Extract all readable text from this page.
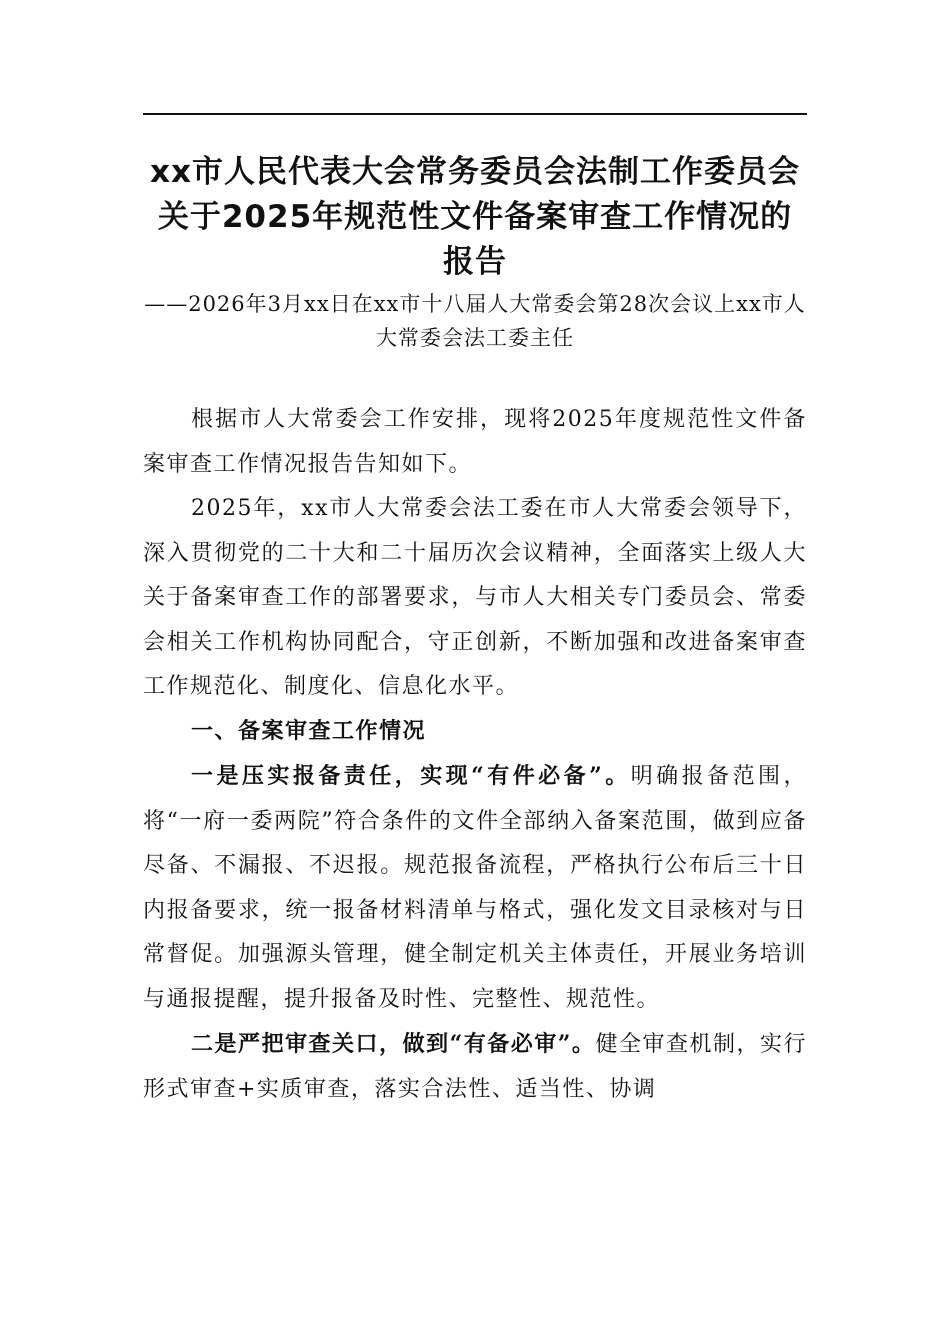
xx市人民代表大会常务委员会法制工作委员会关于2025年规范性文件备案审查工作情况的报告

——2026年3月xx日在xx市十八届人大常委会第28次会议上xx市人大常委会法工委主任

根据市人大常委会工作安排，现将2025年度规范性文件备案审查工作情况报告告知如下。

2025年，xx市人大常委会法工委在市人大常委会领导下，深入贯彻党的二十大和二十届历次会议精神，全面落实上级人大关于备案审查工作的部署要求，与市人大相关专门委员会、常委会相关工作机构协同配合，守正创新，不断加强和改进备案审查工作规范化、制度化、信息化水平。

一、备案审查工作情况

一是压实报备责任，实现“有件必备”。明确报备范围，将“一府一委两院”符合条件的文件全部纳入备案范围，做到应备尽备、不漏报、不迟报。规范报备流程，严格执行公布后三十日内报备要求，统一报备材料清单与格式，强化发文目录核对与日常督促。加强源头管理，健全制定机关主体责任，开展业务培训与通报提醒，提升报备及时性、完整性、规范性。

二是严把审查关口，做到“有备必审”。健全审查机制，实行形式审查+实质审查，落实合法性、适当性、协调
